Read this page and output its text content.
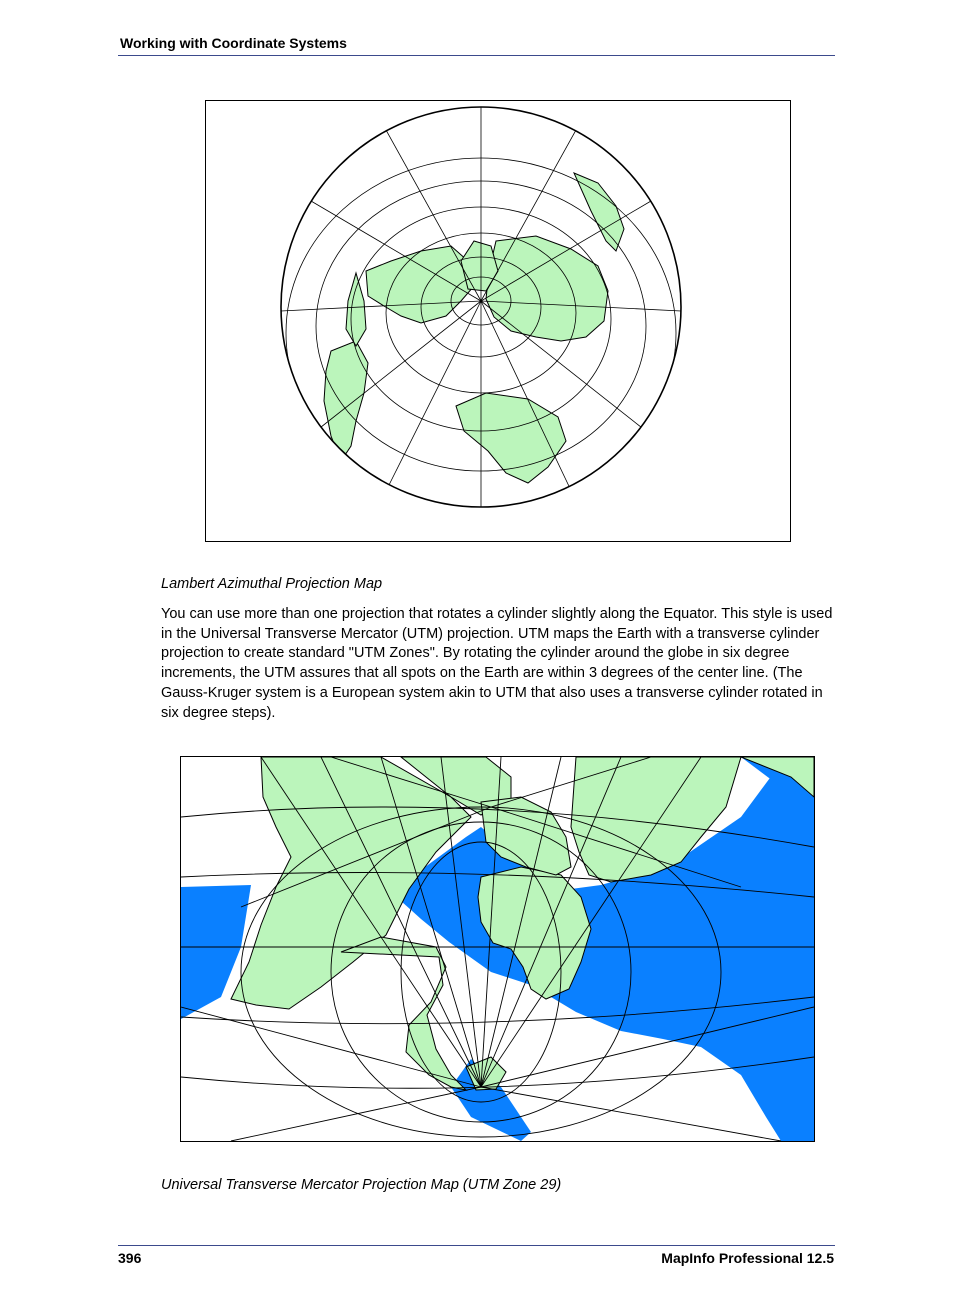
Working with Coordinate Systems
Lambert Azimuthal Projection Map
You can use more than one projection that rotates a cylinder slightly along the Equator. This style is used in the Universal Transverse Mercator (UTM) projection. UTM maps the Earth with a transverse cylinder projection to create standard "UTM Zones". By rotating the cylinder around the globe in six degree increments, the UTM assures that all spots on the Earth are within 3 degrees of the center line. (The Gauss-Kruger system is a European system akin to UTM that also uses a transverse cylinder rotated in six degree steps).
Universal Transverse Mercator Projection Map (UTM Zone 29)
396	MapInfo Professional 12.5
